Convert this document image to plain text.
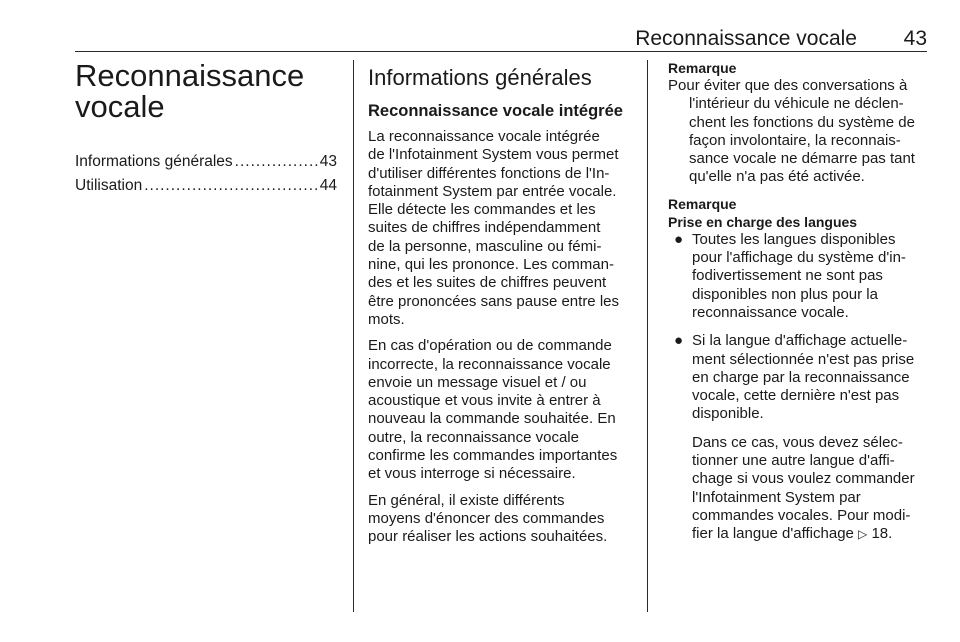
Reconnaissance vocale 43
Reconnaissance
vocale
Informations générales .....	43
Utilisation .....	44
Informations générales
Reconnaissance vocale intégrée
La reconnaissance vocale intégrée
de l'Infotainment System vous permet
d'utiliser différentes fonctions de l'In-
fotainment System par entrée vocale.
Elle détecte les commandes et les
suites de chiffres indépendamment
de la personne, masculine ou fémi-
nine, qui les prononce. Les comman-
des et les suites de chiffres peuvent
être prononcées sans pause entre les
mots.
En cas d'opération ou de commande
incorrecte, la reconnaissance vocale
envoie un message visuel et / ou
acoustique et vous invite à entrer à
nouveau la commande souhaitée. En
outre, la reconnaissance vocale
confirme les commandes importantes
et vous interroge si nécessaire.
En général, il existe différents
moyens d'énoncer des commandes
pour réaliser les actions souhaitées.
Remarque
Pour éviter que des conversations à
l'intérieur du véhicule ne déclen-
chent les fonctions du système de
façon involontaire, la reconnais-
sance vocale ne démarre pas tant
qu'elle n'a pas été activée.
Remarque
Prise en charge des langues
● Toutes les langues disponibles
pour l'affichage du système d'in-
fodivertissement ne sont pas
disponibles non plus pour la
reconnaissance vocale.
● Si la langue d'affichage actuelle-
ment sélectionnée n'est pas prise
en charge par la reconnaissance
vocale, cette dernière n'est pas
disponible.
Dans ce cas, vous devez sélec-
tionner une autre langue d'affi-
chage si vous voulez commander
l'Infotainment System par
commandes vocales. Pour modi-
fier la langue d'affichage ▷ 18.
